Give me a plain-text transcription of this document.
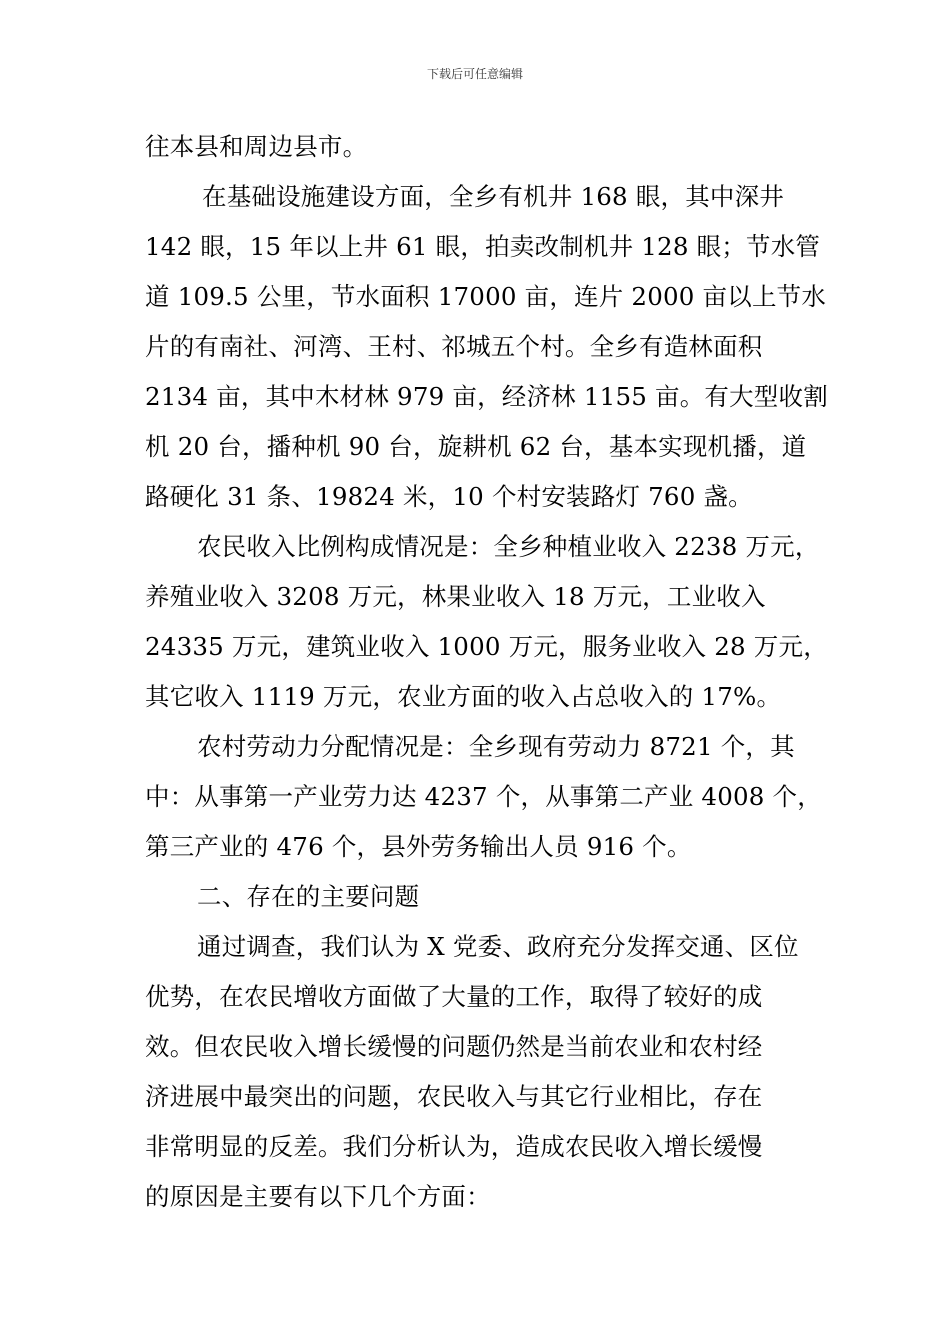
下载后可任意编辑
往本县和周边县市。
在基础设施建设方面，全乡有机井 168 眼，其中深井
142 眼，15 年以上井 61 眼，拍卖改制机井 128 眼；节水管
道 109.5 公里，节水面积 17000 亩，连片 2000 亩以上节水
片的有南社、河湾、王村、祁城五个村。全乡有造林面积
2134 亩，其中木材林 979 亩，经济林 1155 亩。有大型收割
机 20 台，播种机 90 台，旋耕机 62 台，基本实现机播，道
路硬化 31 条、19824 米，10 个村安装路灯 760 盏。
农民收入比例构成情况是：全乡种植业收入 2238 万元，
养殖业收入 3208 万元，林果业收入 18 万元，工业收入
24335 万元，建筑业收入 1000 万元，服务业收入 28 万元，
其它收入 1119 万元，农业方面的收入占总收入的 17%。
农村劳动力分配情况是：全乡现有劳动力 8721 个，其
中：从事第一产业劳力达 4237 个，从事第二产业 4008 个，
第三产业的 476 个，县外劳务输出人员 916 个。
二、存在的主要问题
通过调查，我们认为 X 党委、政府充分发挥交通、区位
优势，在农民增收方面做了大量的工作，取得了较好的成
效。但农民收入增长缓慢的问题仍然是当前农业和农村经
济进展中最突出的问题，农民收入与其它行业相比，存在
非常明显的反差。我们分析认为，造成农民收入增长缓慢
的原因是主要有以下几个方面：
